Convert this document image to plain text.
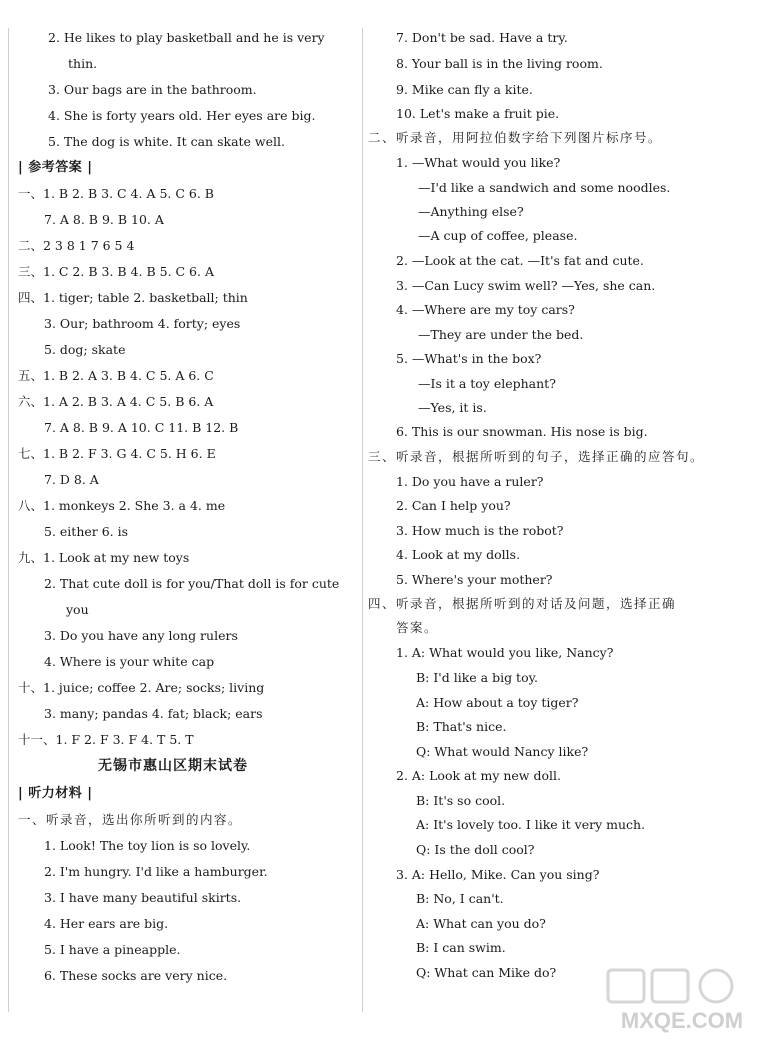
2. He likes to play basketball and he is very
thin.
3. Our bags are in the bathroom.
4. She is forty years old. Her eyes are big.
5. The dog is white. It can skate well.
| 参考答案 |
一、1. B 2. B 3. C 4. A 5. C 6. B
7. A 8. B 9. B 10. A
二、2 3 8 1 7 6 5 4
三、1. C 2. B 3. B 4. B 5. C 6. A
四、1. tiger; table 2. basketball; thin
3. Our; bathroom 4. forty; eyes
5. dog; skate
五、1. B 2. A 3. B 4. C 5. A 6. C
六、1. A 2. B 3. A 4. C 5. B 6. A
7. A 8. B 9. A 10. C 11. B 12. B
七、1. B 2. F 3. G 4. C 5. H 6. E
7. D 8. A
八、1. monkeys 2. She 3. a 4. me
5. either 6. is
九、1. Look at my new toys
2. That cute doll is for you/That doll is for cute
you
3. Do you have any long rulers
4. Where is your white cap
十、1. juice; coffee 2. Are; socks; living
3. many; pandas 4. fat; black; ears
十一、1. F 2. F 3. F 4. T 5. T
无锡市惠山区期末试卷
| 听力材料 |
一、听录音，选出你所听到的内容。
1. Look! The toy lion is so lovely.
2. I'm hungry. I'd like a hamburger.
3. I have many beautiful skirts.
4. Her ears are big.
5. I have a pineapple.
6. These socks are very nice.
7. Don't be sad. Have a try.
8. Your ball is in the living room.
9. Mike can fly a kite.
10. Let's make a fruit pie.
二、听录音，用阿拉伯数字给下列图片标序号。
1. —What would you like?
—I'd like a sandwich and some noodles.
—Anything else?
—A cup of coffee, please.
2. —Look at the cat. —It's fat and cute.
3. —Can Lucy swim well? —Yes, she can.
4. —Where are my toy cars?
—They are under the bed.
5. —What's in the box?
—Is it a toy elephant?
—Yes, it is.
6. This is our snowman. His nose is big.
三、听录音，根据所听到的句子，选择正确的应答句。
1. Do you have a ruler?
2. Can I help you?
3. How much is the robot?
4. Look at my dolls.
5. Where's your mother?
四、听录音，根据所听到的对话及问题，选择正确
答案。
1. A: What would you like, Nancy?
B: I'd like a big toy.
A: How about a toy tiger?
B: That's nice.
Q: What would Nancy like?
2. A: Look at my new doll.
B: It's so cool.
A: It's lovely too. I like it very much.
Q: Is the doll cool?
3. A: Hello, Mike. Can you sing?
B: No, I can't.
A: What can you do?
B: I can swim.
Q: What can Mike do?
MXQE.COM
